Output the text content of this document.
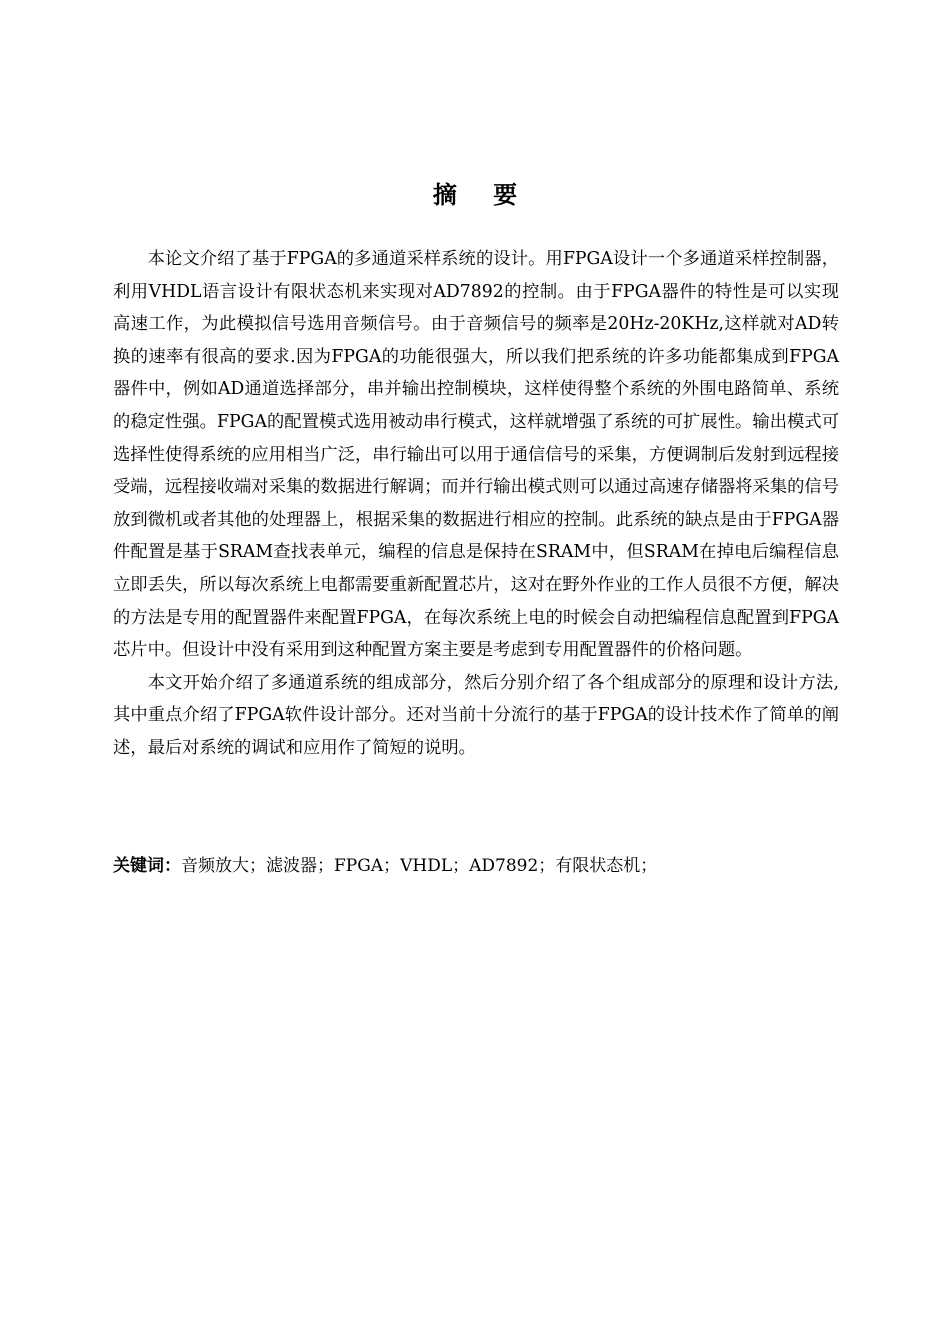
摘 要

本论文介绍了基于FPGA的多通道采样系统的设计。用FPGA设计一个多通道采样控制器，利用VHDL语言设计有限状态机来实现对AD7892的控制。由于FPGA器件的特性是可以实现高速工作，为此模拟信号选用音频信号。由于音频信号的频率是20Hz-20KHz,这样就对AD转换的速率有很高的要求.因为FPGA的功能很强大，所以我们把系统的许多功能都集成到FPGA器件中，例如AD通道选择部分，串并输出控制模块，这样使得整个系统的外围电路简单、系统的稳定性强。FPGA的配置模式选用被动串行模式，这样就增强了系统的可扩展性。输出模式可选择性使得系统的应用相当广泛，串行输出可以用于通信信号的采集，方便调制后发射到远程接受端，远程接收端对采集的数据进行解调；而并行输出模式则可以通过高速存储器将采集的信号放到微机或者其他的处理器上，根据采集的数据进行相应的控制。此系统的缺点是由于FPGA器件配置是基于SRAM查找表单元，编程的信息是保持在SRAM中，但SRAM在掉电后编程信息立即丢失，所以每次系统上电都需要重新配置芯片，这对在野外作业的工作人员很不方便，解决的方法是专用的配置器件来配置FPGA，在每次系统上电的时候会自动把编程信息配置到FPGA芯片中。但设计中没有采用到这种配置方案主要是考虑到专用配置器件的价格问题。

本文开始介绍了多通道系统的组成部分，然后分别介绍了各个组成部分的原理和设计方法,其中重点介绍了FPGA软件设计部分。还对当前十分流行的基于FPGA的设计技术作了简单的阐述，最后对系统的调试和应用作了简短的说明。

关键词：音频放大；滤波器；FPGA；VHDL；AD7892；有限状态机；
